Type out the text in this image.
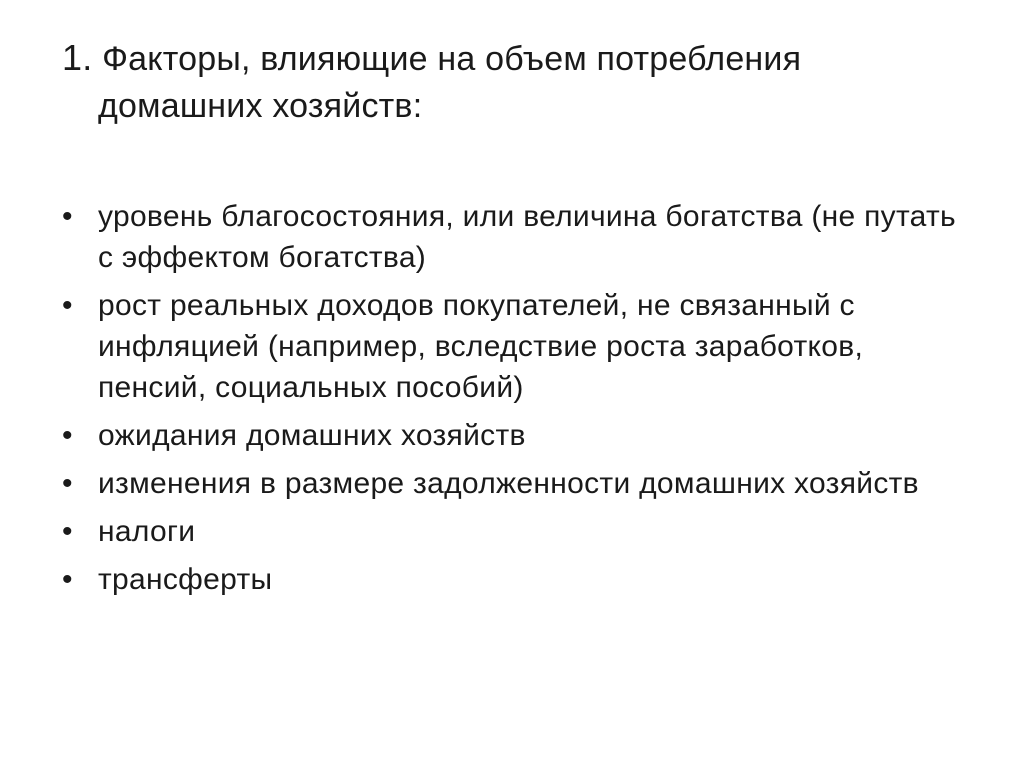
1. Факторы, влияющие на объем потребления
домашних хозяйств:
• уровень благосостояния, или величина богатства (не путать с эффектом богатства)
• рост реальных доходов покупателей, не связанный с инфляцией (например, вследствие роста заработков, пенсий, социальных пособий)
• ожидания домашних хозяйств
• изменения в размере задолженности домашних хозяйств
• налоги
• трансферты
